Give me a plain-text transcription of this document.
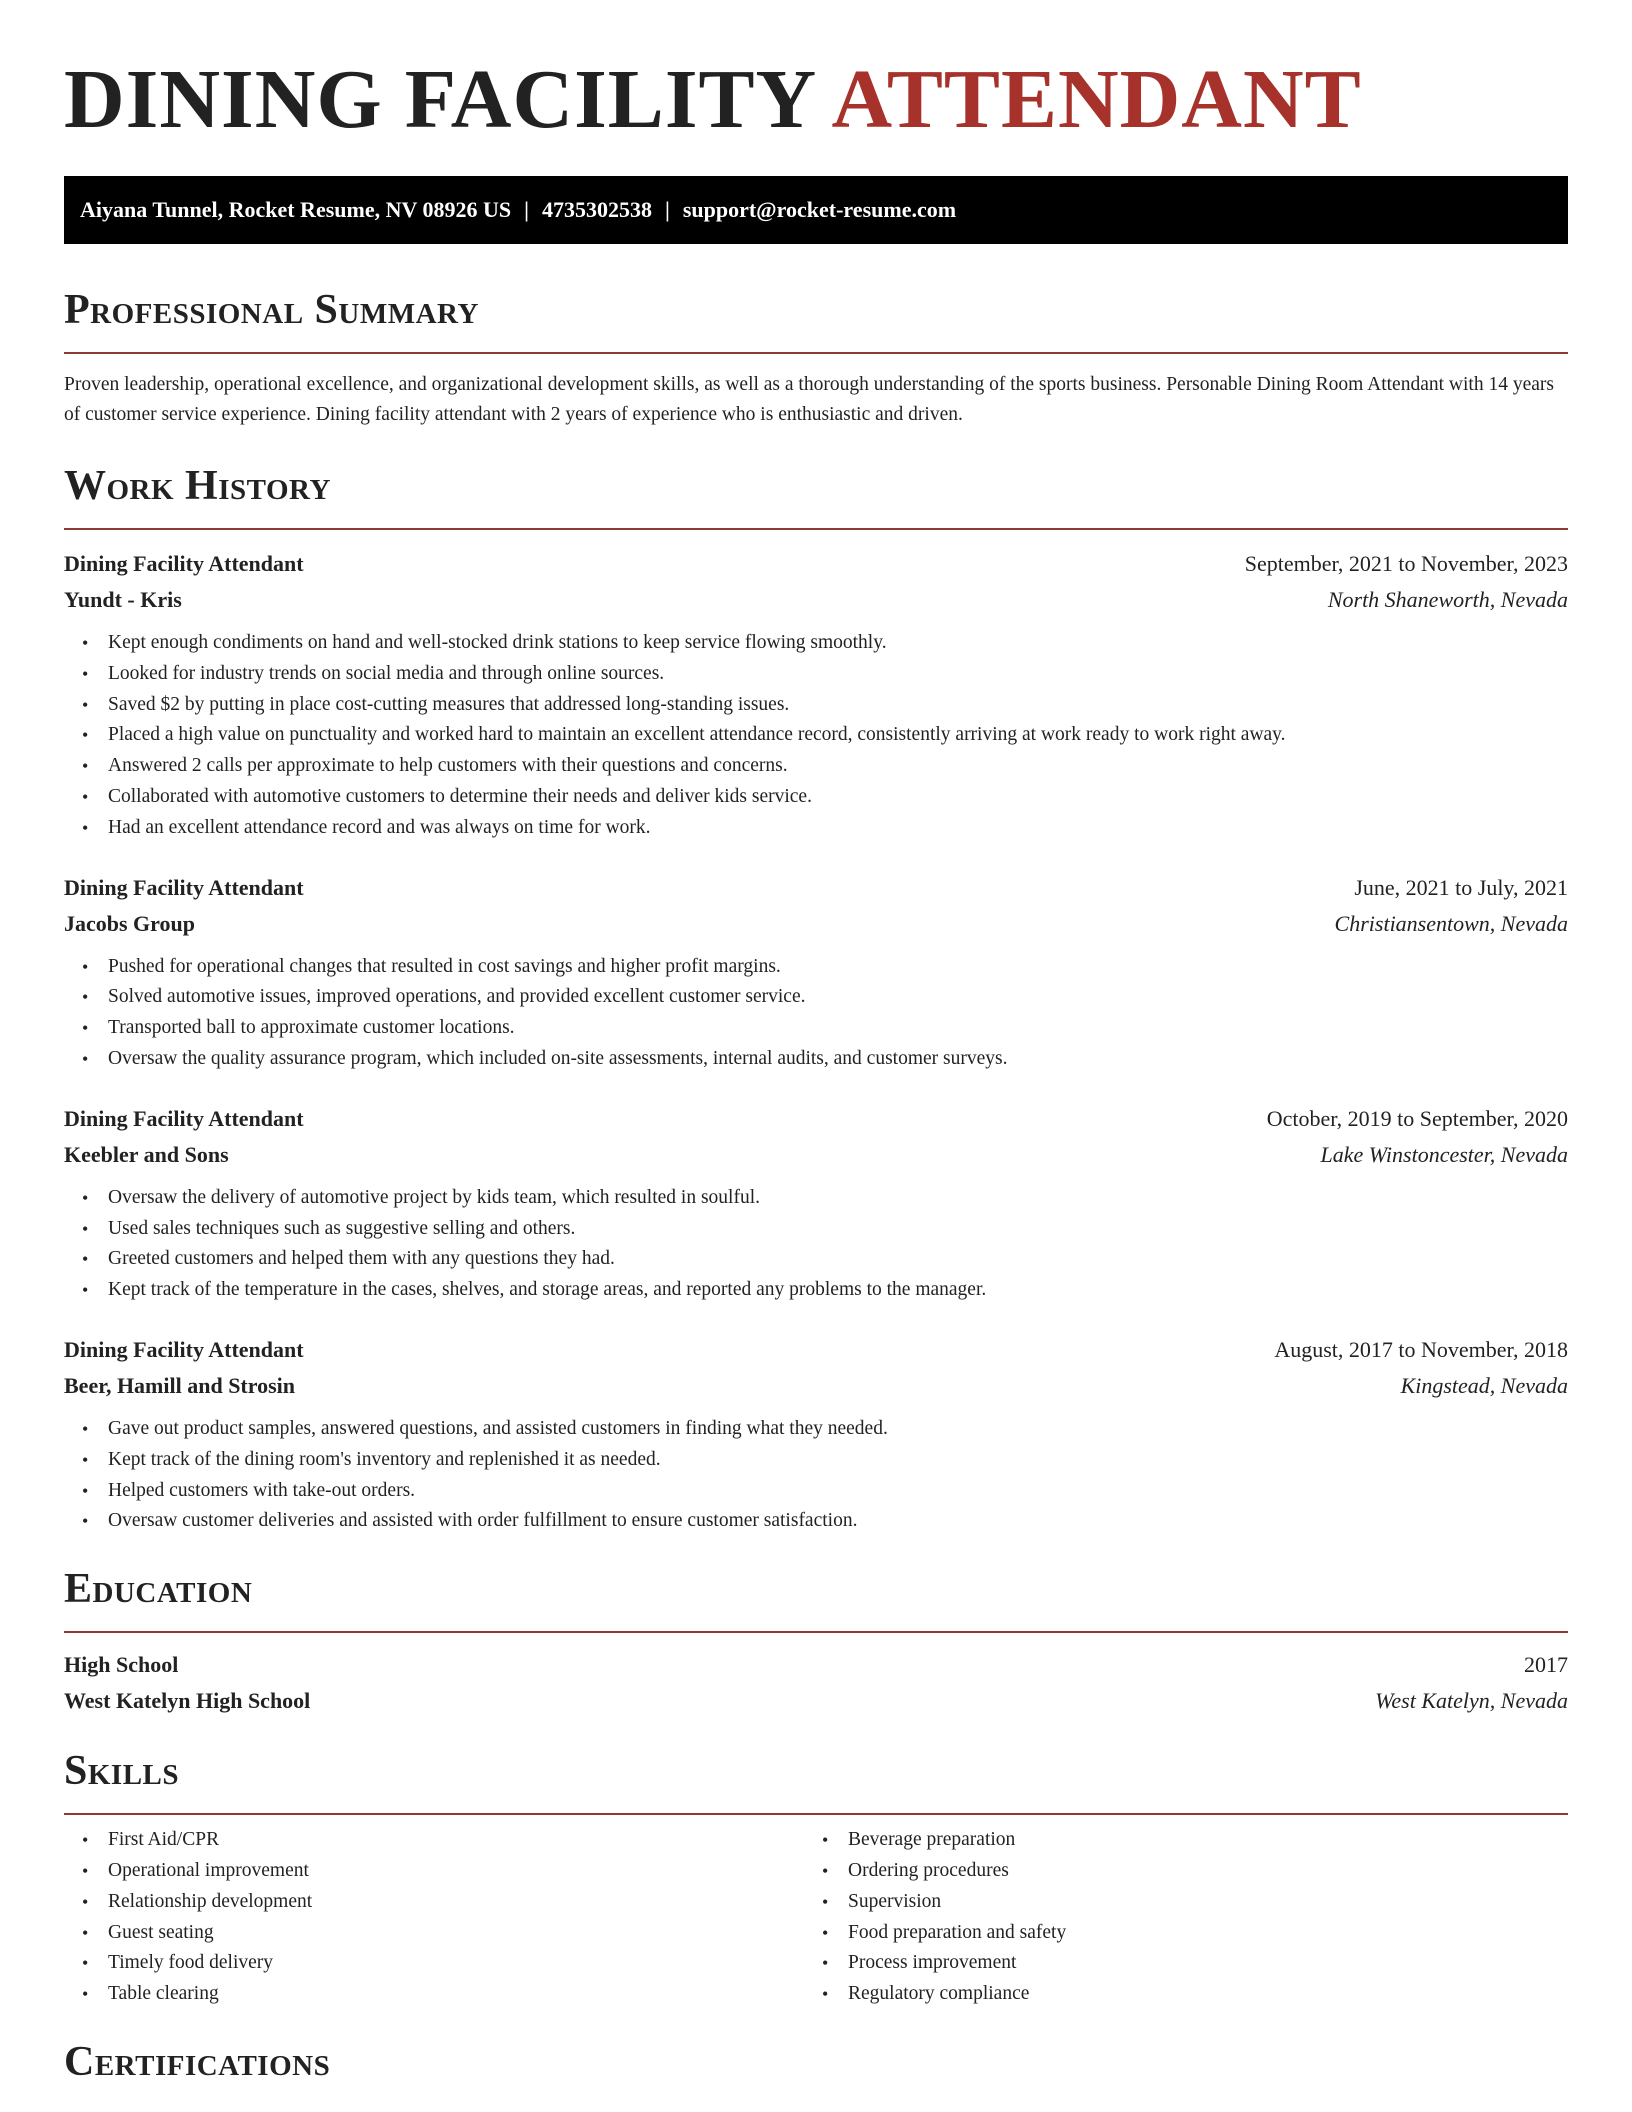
DINING FACILITY ATTENDANT
Aiyana Tunnel, Rocket Resume, NV 08926 US | 4735302538 | support@rocket-resume.com
Professional Summary
Proven leadership, operational excellence, and organizational development skills, as well as a thorough understanding of the sports business. Personable Dining Room Attendant with 14 years of customer service experience. Dining facility attendant with 2 years of experience who is enthusiastic and driven.
Work History
Dining Facility Attendant	September, 2021 to November, 2023
Yundt - Kris	North Shaneworth, Nevada
• Kept enough condiments on hand and well-stocked drink stations to keep service flowing smoothly.
• Looked for industry trends on social media and through online sources.
• Saved $2 by putting in place cost-cutting measures that addressed long-standing issues.
• Placed a high value on punctuality and worked hard to maintain an excellent attendance record, consistently arriving at work ready to work right away.
• Answered 2 calls per approximate to help customers with their questions and concerns.
• Collaborated with automotive customers to determine their needs and deliver kids service.
• Had an excellent attendance record and was always on time for work.
Dining Facility Attendant	June, 2021 to July, 2021
Jacobs Group	Christiansentown, Nevada
• Pushed for operational changes that resulted in cost savings and higher profit margins.
• Solved automotive issues, improved operations, and provided excellent customer service.
• Transported ball to approximate customer locations.
• Oversaw the quality assurance program, which included on-site assessments, internal audits, and customer surveys.
Dining Facility Attendant	October, 2019 to September, 2020
Keebler and Sons	Lake Winstoncester, Nevada
• Oversaw the delivery of automotive project by kids team, which resulted in soulful.
• Used sales techniques such as suggestive selling and others.
• Greeted customers and helped them with any questions they had.
• Kept track of the temperature in the cases, shelves, and storage areas, and reported any problems to the manager.
Dining Facility Attendant	August, 2017 to November, 2018
Beer, Hamill and Strosin	Kingstead, Nevada
• Gave out product samples, answered questions, and assisted customers in finding what they needed.
• Kept track of the dining room's inventory and replenished it as needed.
• Helped customers with take-out orders.
• Oversaw customer deliveries and assisted with order fulfillment to ensure customer satisfaction.
Education
High School	2017
West Katelyn High School	West Katelyn, Nevada
Skills
• First Aid/CPR
• Operational improvement
• Relationship development
• Guest seating
• Timely food delivery
• Table clearing
• Beverage preparation
• Ordering procedures
• Supervision
• Food preparation and safety
• Process improvement
• Regulatory compliance
Certifications
